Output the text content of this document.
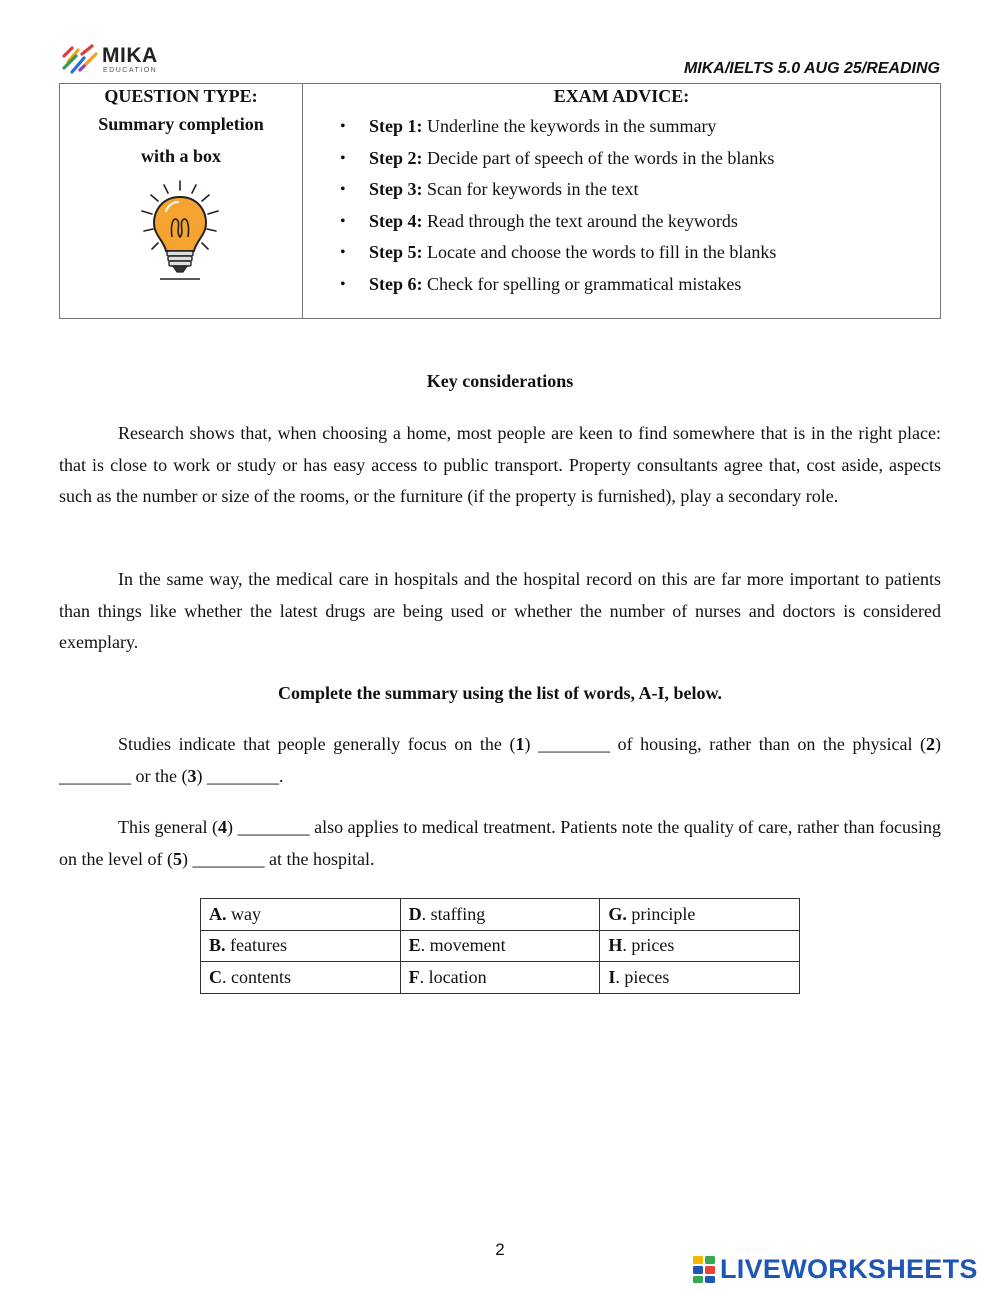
MIKA
EDUCATION	MIKA/IELTS 5.0 AUG 25/READING
QUESTION TYPE:
Summary completion
with a box
EXAM ADVICE:
• Step 1: Underline the keywords in the summary
• Step 2: Decide part of speech of the words in the blanks
• Step 3: Scan for keywords in the text
• Step 4: Read through the text around the keywords
• Step 5: Locate and choose the words to fill in the blanks
• Step 6: Check for spelling or grammatical mistakes
Key considerations

Research shows that, when choosing a home, most people are keen to find somewhere that is in the right place: that is close to work or study or has easy access to public transport. Property consultants agree that, cost aside, aspects such as the number or size of the rooms, or the furniture (if the property is furnished), play a secondary role.

In the same way, the medical care in hospitals and the hospital record on this are far more important to patients than things like whether the latest drugs are being used or whether the number of nurses and doctors is considered exemplary.

Complete the summary using the list of words, A-I, below.

Studies indicate that people generally focus on the (1) ________ of housing, rather than on the physical (2) ________ or the (3) ________.

This general (4) ________ also applies to medical treatment. Patients note the quality of care, rather than focusing on the level of (5) ________ at the hospital.

A. way	D. staffing	G. principle
B. features	E. movement	H. prices
C. contents	F. location	I. pieces
2
LIVEWORKSHEETS
